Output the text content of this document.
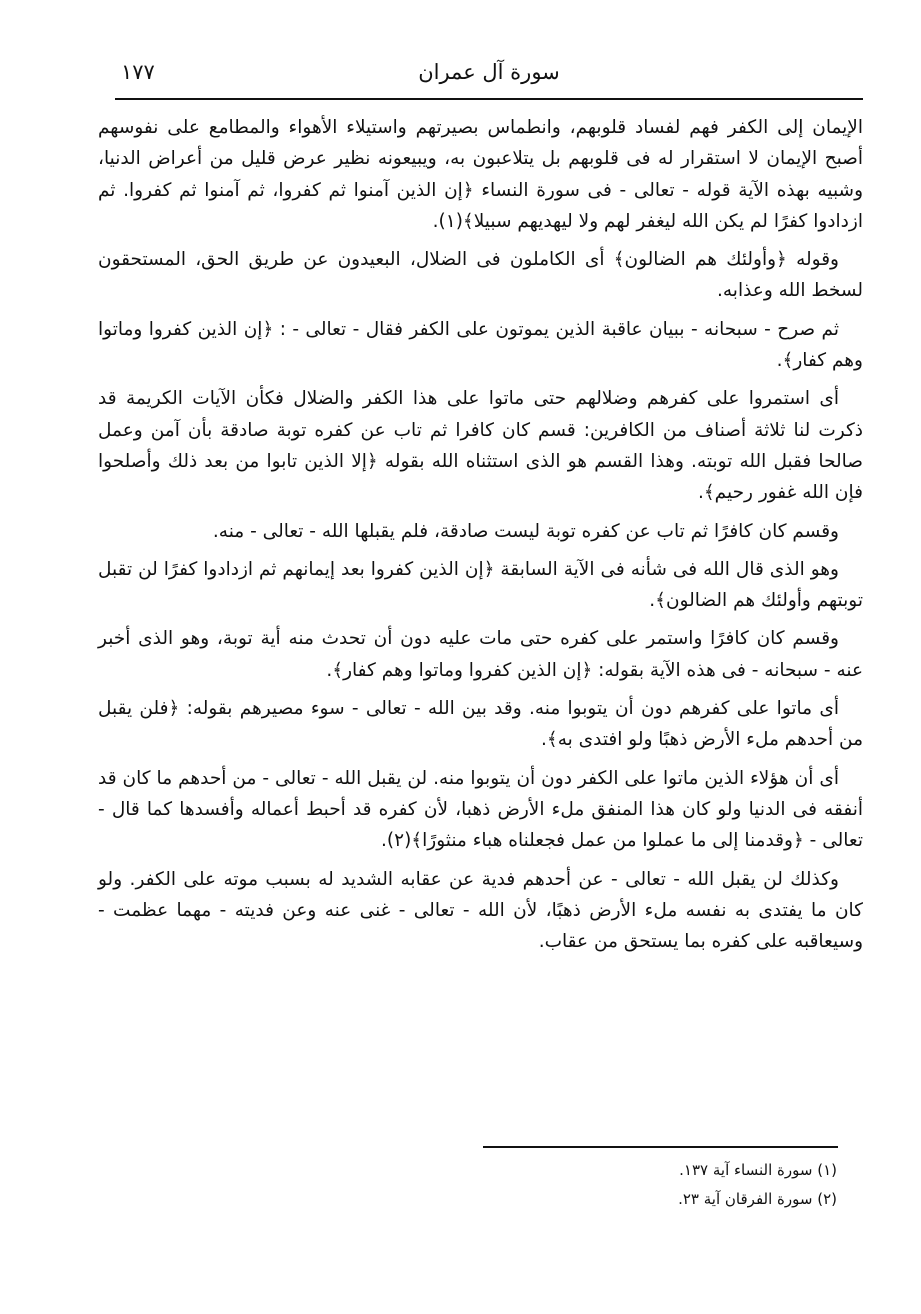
١٧٧	سورة آل عمران

الإيمان إلى الكفر فهم لفساد قلوبهم، وانطماس بصيرتهم واستيلاء الأهواء والمطامع على نفوسهم أصبح الإيمان لا استقرار له فى قلوبهم بل يتلاعبون به، ويبيعونه نظير عرض قليل من أعراض الدنيا، وشبيه بهذه الآية قوله - تعالى - فى سورة النساء ﴿إن الذين آمنوا ثم كفروا، ثم آمنوا ثم كفروا. ثم ازدادوا كفرًا لم يكن الله ليغفر لهم ولا ليهديهم سبيلا﴾(١).

وقوله ﴿وأولئك هم الضالون﴾ أى الكاملون فى الضلال، البعيدون عن طريق الحق، المستحقون لسخط الله وعذابه.

ثم صرح - سبحانه - ببيان عاقبة الذين يموتون على الكفر فقال - تعالى - : ﴿إن الذين كفروا وماتوا وهم كفار﴾.

أى استمروا على كفرهم وضلالهم حتى ماتوا على هذا الكفر والضلال فكأن الآيات الكريمة قد ذكرت لنا ثلاثة أصناف من الكافرين: قسم كان كافرا ثم تاب عن كفره توبة صادقة بأن آمن وعمل صالحا فقبل الله توبته. وهذا القسم هو الذى استثناه الله بقوله ﴿إلا الذين تابوا من بعد ذلك وأصلحوا فإن الله غفور رحيم﴾.

وقسم كان كافرًا ثم تاب عن كفره توبة ليست صادقة، فلم يقبلها الله - تعالى - منه.

وهو الذى قال الله فى شأنه فى الآية السابقة ﴿إن الذين كفروا بعد إيمانهم ثم ازدادوا كفرًا لن تقبل توبتهم وأولئك هم الضالون﴾.

وقسم كان كافرًا واستمر على كفره حتى مات عليه دون أن تحدث منه أية توبة، وهو الذى أخبر عنه - سبحانه - فى هذه الآية بقوله: ﴿إن الذين كفروا وماتوا وهم كفار﴾.

أى ماتوا على كفرهم دون أن يتوبوا منه. وقد بين الله - تعالى - سوء مصيرهم بقوله: ﴿فلن يقبل من أحدهم ملء الأرض ذهبًا ولو افتدى به﴾.

أى أن هؤلاء الذين ماتوا على الكفر دون أن يتوبوا منه. لن يقبل الله - تعالى - من أحدهم ما كان قد أنفقه فى الدنيا ولو كان هذا المنفق ملء الأرض ذهبا، لأن كفره قد أحبط أعماله وأفسدها كما قال - تعالى - ﴿وقدمنا إلى ما عملوا من عمل فجعلناه هباء منثورًا﴾(٢).

وكذلك لن يقبل الله - تعالى - عن أحدهم فدية عن عقابه الشديد له بسبب موته على الكفر. ولو كان ما يفتدى به نفسه ملء الأرض ذهبًا، لأن الله - تعالى - غنى عنه وعن فديته - مهما عظمت - وسيعاقبه على كفره بما يستحق من عقاب.

(١) سورة النساء آية ١٣٧.
(٢) سورة الفرقان آية ٢٣.
